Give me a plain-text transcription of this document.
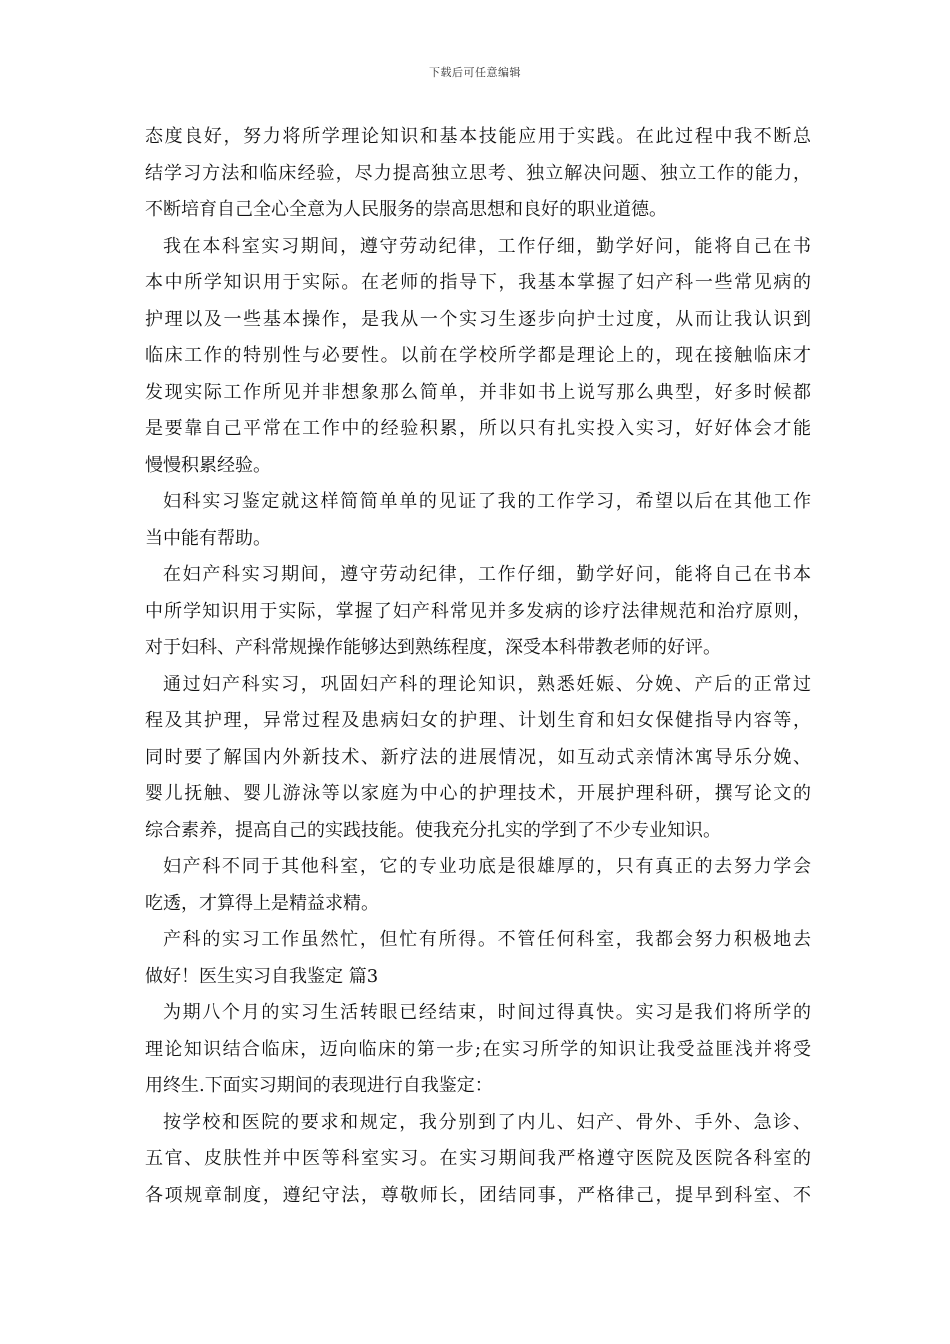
下载后可任意编辑
态度良好，努力将所学理论知识和基本技能应用于实践。在此过程中我不断总
结学习方法和临床经验，尽力提高独立思考、独立解决问题、独立工作的能力，
不断培育自己全心全意为人民服务的崇高思想和良好的职业道德。
我在本科室实习期间，遵守劳动纪律，工作仔细，勤学好问，能将自己在书
本中所学知识用于实际。在老师的指导下，我基本掌握了妇产科一些常见病的
护理以及一些基本操作，是我从一个实习生逐步向护士过度，从而让我认识到
临床工作的特别性与必要性。以前在学校所学都是理论上的，现在接触临床才
发现实际工作所见并非想象那么简单，并非如书上说写那么典型，好多时候都
是要靠自己平常在工作中的经验积累，所以只有扎实投入实习，好好体会才能
慢慢积累经验。
妇科实习鉴定就这样简简单单的见证了我的工作学习，希望以后在其他工作
当中能有帮助。
在妇产科实习期间，遵守劳动纪律，工作仔细，勤学好问，能将自己在书本
中所学知识用于实际，掌握了妇产科常见并多发病的诊疗法律规范和治疗原则，
对于妇科、产科常规操作能够达到熟练程度，深受本科带教老师的好评。
通过妇产科实习，巩固妇产科的理论知识，熟悉妊娠、分娩、产后的正常过
程及其护理，异常过程及患病妇女的护理、计划生育和妇女保健指导内容等，
同时要了解国内外新技术、新疗法的进展情况，如互动式亲情沐寓导乐分娩、
婴儿抚触、婴儿游泳等以家庭为中心的护理技术，开展护理科研，撰写论文的
综合素养，提高自己的实践技能。使我充分扎实的学到了不少专业知识。
妇产科不同于其他科室，它的专业功底是很雄厚的，只有真正的去努力学会
吃透，才算得上是精益求精。
产科的实习工作虽然忙，但忙有所得。不管任何科室，我都会努力积极地去
做好！医生实习自我鉴定 篇3
为期八个月的实习生活转眼已经结束，时间过得真快。实习是我们将所学的
理论知识结合临床，迈向临床的第一步;在实习所学的知识让我受益匪浅并将受
用终生.下面实习期间的表现进行自我鉴定：
按学校和医院的要求和规定，我分别到了内儿、妇产、骨外、手外、急诊、
五官、皮肤性并中医等科室实习。在实习期间我严格遵守医院及医院各科室的
各项规章制度，遵纪守法，尊敬师长，团结同事，严格律己，提早到科室、不
